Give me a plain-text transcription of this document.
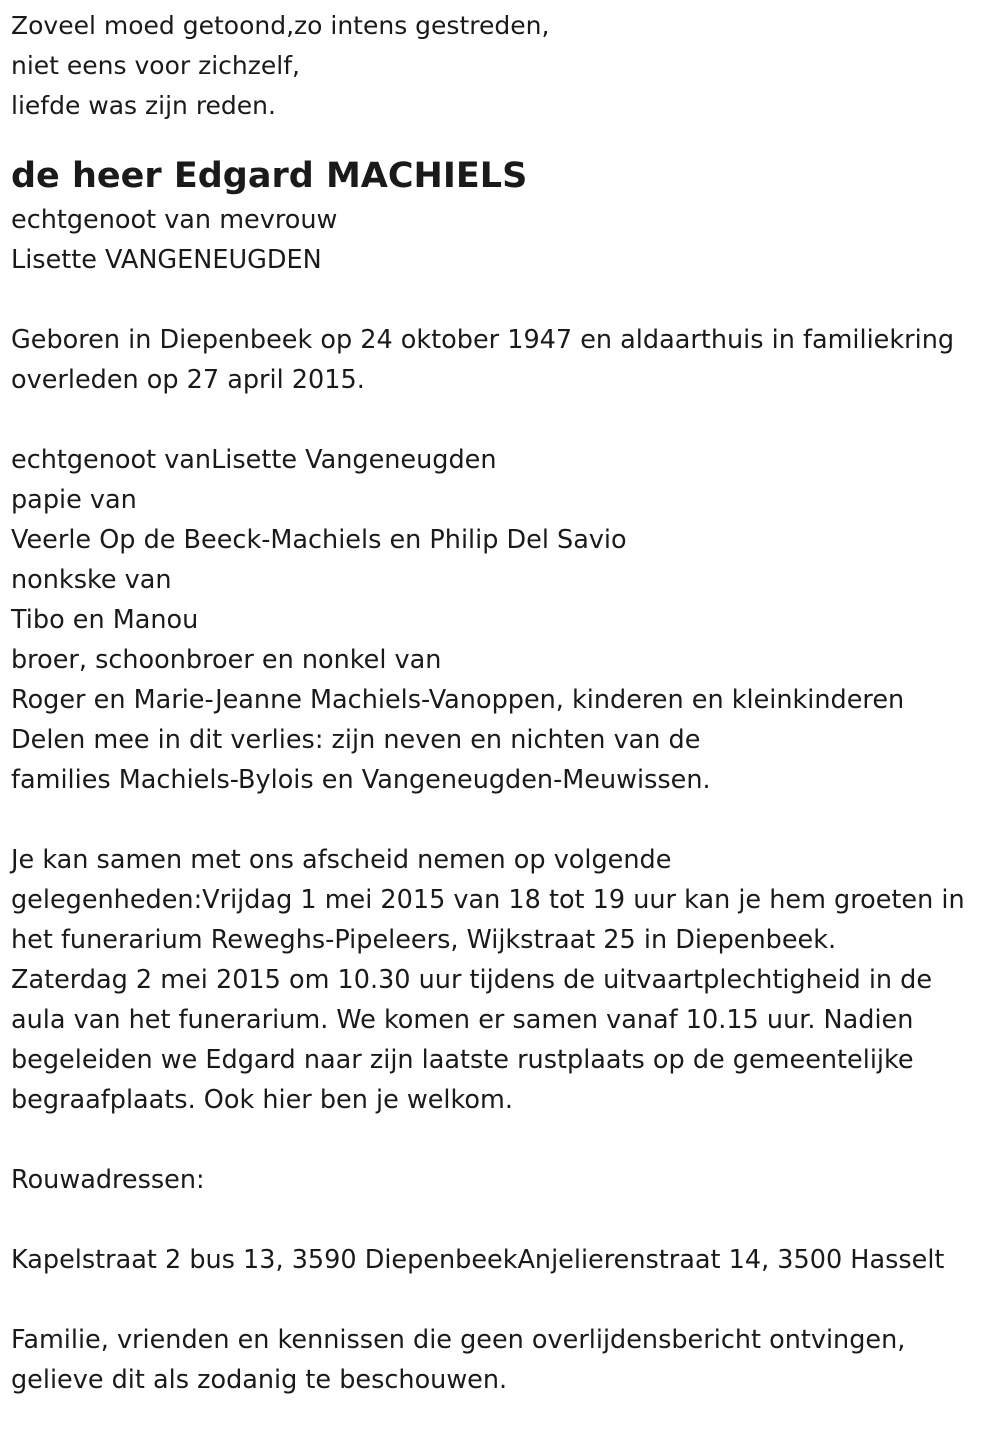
Zoveel moed getoond,zo intens gestreden,
niet eens voor zichzelf,
liefde was zijn reden.
de heer Edgard MACHIELS
echtgenoot van mevrouw
Lisette VANGENEUGDEN
Geboren in Diepenbeek op 24 oktober 1947 en aldaarthuis in familiekring
overleden op 27 april 2015.
echtgenoot vanLisette Vangeneugden
papie van
Veerle Op de Beeck-Machiels en Philip Del Savio
nonkske van
Tibo en Manou
broer, schoonbroer en nonkel van
Roger en Marie-Jeanne Machiels-Vanoppen, kinderen en kleinkinderen
Delen mee in dit verlies: zijn neven en nichten van de
families Machiels-Bylois en Vangeneugden-Meuwissen.
Je kan samen met ons afscheid nemen op volgende
gelegenheden:Vrijdag 1 mei 2015 van 18 tot 19 uur kan je hem groeten in
het funerarium Reweghs-Pipeleers, Wijkstraat 25 in Diepenbeek.
Zaterdag 2 mei 2015 om 10.30 uur tijdens de uitvaartplechtigheid in de
aula van het funerarium. We komen er samen vanaf 10.15 uur. Nadien
begeleiden we Edgard naar zijn laatste rustplaats op de gemeentelijke
begraafplaats. Ook hier ben je welkom.
Rouwadressen:
Kapelstraat 2 bus 13, 3590 DiepenbeekAnjelierenstraat 14, 3500 Hasselt
Familie, vrienden en kennissen die geen overlijdensbericht ontvingen,
gelieve dit als zodanig te beschouwen.
